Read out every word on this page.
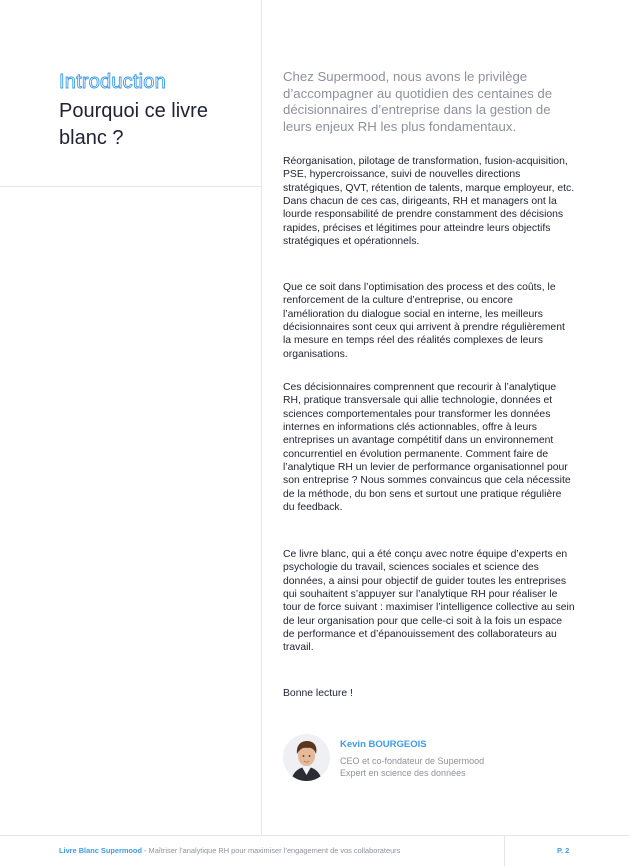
Introduction
Pourquoi ce livre blanc ?
Chez Supermood, nous avons le privilège d’accompagner au quotidien des centaines de décisionnaires d’entreprise dans la gestion de leurs enjeux RH les plus fondamentaux.

Réorganisation, pilotage de transformation, fusion-acquisition, PSE, hypercroissance, suivi de nouvelles directions stratégiques, QVT, rétention de talents, marque employeur, etc. Dans chacun de ces cas, dirigeants, RH et managers ont la lourde responsabilité de prendre constamment des décisions rapides, précises et légitimes pour atteindre leurs objectifs stratégiques et opérationnels.

Que ce soit dans l’optimisation des process et des coûts, le renforcement de la culture d’entreprise, ou encore l’amélioration du dialogue social en interne, les meilleurs décisionnaires sont ceux qui arrivent à prendre régulièrement la mesure en temps réel des réalités complexes de leurs organisations.

Ces décisionnaires comprennent que recourir à l’analytique RH, pratique transversale qui allie technologie, données et sciences comportementales pour transformer les données internes en informations clés actionnables, offre à leurs entreprises un avantage compétitif dans un environnement concurrentiel en évolution permanente. Comment faire de l’analytique RH un levier de performance organisationnel pour son entreprise ? Nous sommes convaincus que cela nécessite de la méthode, du bon sens et surtout une pratique régulière du feedback.

Ce livre blanc, qui a été conçu avec notre équipe d’experts en psychologie du travail, sciences sociales et science des données, a ainsi pour objectif de guider toutes les entreprises qui souhaitent s’appuyer sur l’analytique RH pour réaliser le tour de force suivant : maximiser l’intelligence collective au sein de leur organisation pour que celle-ci soit à la fois un espace de performance et d’épanouissement des collaborateurs au travail.

Bonne lecture !

Kevin BOURGEOIS
CEO et co-fondateur de Supermood
Expert en science des données
Livre Blanc Supermood - Maîtriser l’analytique RH pour maximiser l’engagement de vos collaborateurs	P. 2
